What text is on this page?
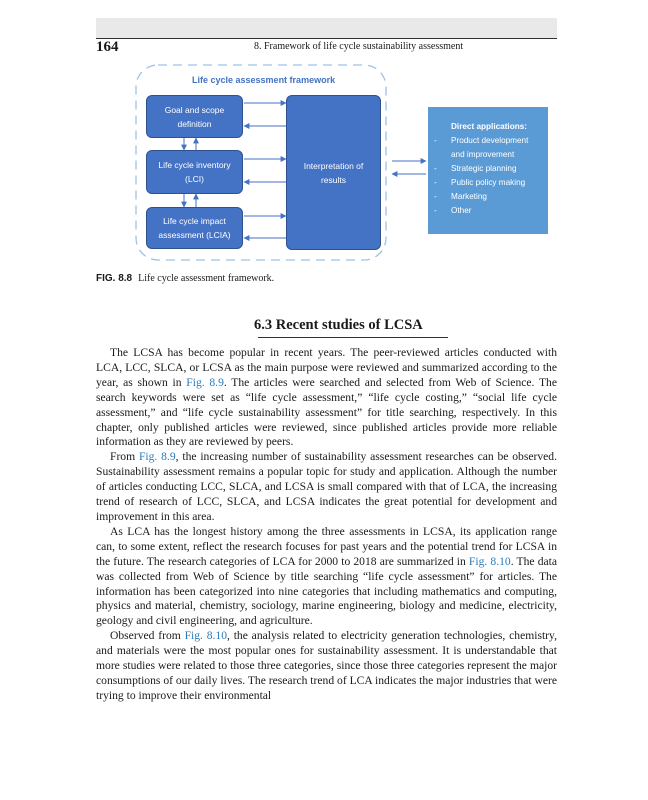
164	8. Framework of life cycle sustainability assessment
Life cycle assessment framework
Goal and scope
definition
Life cycle inventory
(LCI)
Life cycle impact
assessment (LCIA)
Interpretation of
results
Direct applications:
- Product development and improvement
- Strategic planning
- Public policy making
- Marketing
- Other
FIG. 8.8 Life cycle assessment framework.
6.3 Recent studies of LCSA

The LCSA has become popular in recent years. The peer-reviewed articles conducted with LCA, LCC, SLCA, or LCSA as the main purpose were reviewed and summarized according to the year, as shown in Fig. 8.9. The articles were searched and selected from Web of Science. The search keywords were set as “life cycle assessment,” “life cycle costing,” “social life cycle assessment,” and “life cycle sustainability assessment” for title searching, respectively. In this chapter, only published articles were reviewed, since published articles provide more reliable information as they are reviewed by peers.

From Fig. 8.9, the increasing number of sustainability assessment researches can be observed. Sustainability assessment remains a popular topic for study and application. Although the number of articles conducting LCC, SLCA, and LCSA is small compared with that of LCA, the increasing trend of research of LCC, SLCA, and LCSA indicates the great potential for development and improvement in this area.

As LCA has the longest history among the three assessments in LCSA, its application range can, to some extent, reflect the research focuses for past years and the potential trend for LCSA in the future. The research categories of LCA for 2000 to 2018 are summarized in Fig. 8.10. The data was collected from Web of Science by title searching “life cycle assessment” for articles. The information has been categorized into nine categories that including mathematics and computing, physics and material, chemistry, sociology, marine engineering, biology and medicine, electricity, geology and civil engineering, and agriculture.

Observed from Fig. 8.10, the analysis related to electricity generation technologies, chemistry, and materials were the most popular ones for sustainability assessment. It is understandable that more studies were related to those three categories, since those three categories represent the major consumptions of our daily lives. The research trend of LCA indicates the major industries that were trying to improve their environmental
